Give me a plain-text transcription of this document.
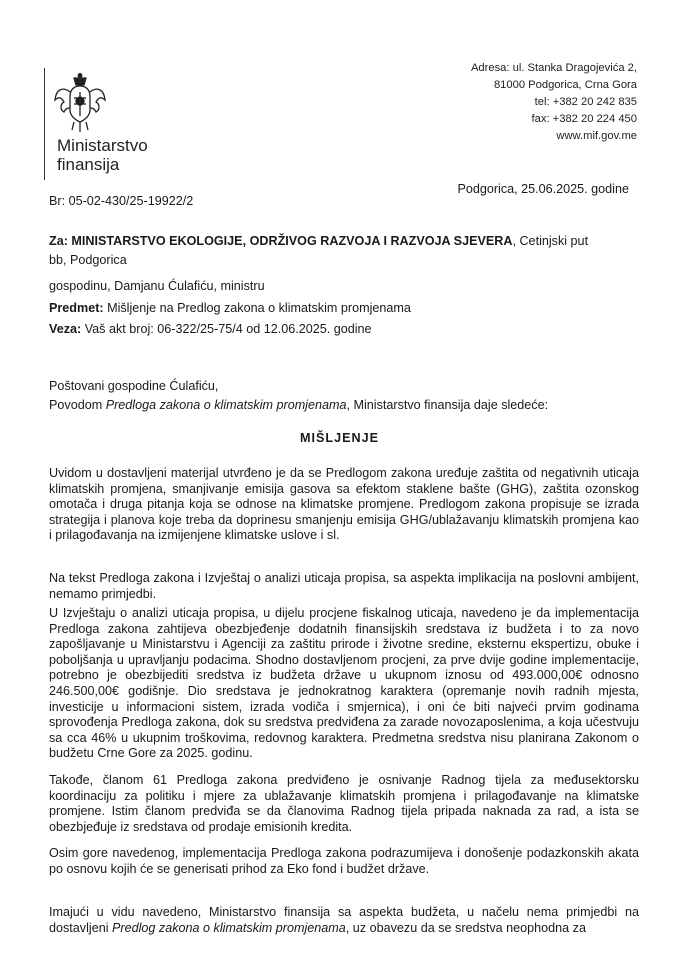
Ministarstvo
finansija
Adresa: ul. Stanka Dragojevića 2,
81000 Podgorica, Crna Gora
tel: +382 20 242 835
fax: +382 20 224 450
www.mif.gov.me
Br: 05-02-430/25-19922/2
Podgorica, 25.06.2025. godine
Za: MINISTARSTVO EKOLOGIJE, ODRŽIVOG RAZVOJA I RAZVOJA SJEVERA, Cetinjski put
bb, Podgorica
gospodinu, Damjanu Ćulafiću, ministru
Predmet: Mišljenje na Predlog zakona o klimatskim promjenama
Veza: Vaš akt broj: 06-322/25-75/4 od 12.06.2025. godine
Poštovani gospodine Ćulafiću,
Povodom Predloga zakona o klimatskim promjenama, Ministarstvo finansija daje sledeće:
MIŠLJENJE

Uvidom u dostavljeni materijal utvrđeno je da se Predlogom zakona uređuje zaštita od negativnih uticaja klimatskih promjena, smanjivanje emisija gasova sa efektom staklene bašte (GHG), zaštita ozonskog omotača i druga pitanja koja se odnose na klimatske promjene. Predlogom zakona propisuje se izrada strategija i planova koje treba da doprinesu smanjenju emisija GHG/ublažavanju klimatskih promjena kao i prilagođavanja na izmijenjene klimatske uslove i sl.

Na tekst Predloga zakona i Izvještaj o analizi uticaja propisa, sa aspekta implikacija na poslovni ambijent, nemamo primjedbi.

U Izvještaju o analizi uticaja propisa, u dijelu procjene fiskalnog uticaja, navedeno je da implementacija Predloga zakona zahtijeva obezbjeđenje dodatnih finansijskih sredstava iz budžeta i to za novo zapošljavanje u Ministarstvu i Agenciji za zaštitu prirode i životne sredine, eksternu ekspertizu, obuke i poboljšanja u upravljanju podacima. Shodno dostavljenom procjeni, za prve dvije godine implementacije, potrebno je obezbijediti sredstva iz budžeta države u ukupnom iznosu od 493.000,00€ odnosno 246.500,00€ godišnje. Dio sredstava je jednokratnog karaktera (opremanje novih radnih mjesta, investicije u informacioni sistem, izrada vodiča i smjernica), i oni će biti najveći prvim godinama sprovođenja Predloga zakona, dok su sredstva predviđena za zarade novozaposlenima, a koja učestvuju sa cca 46% u ukupnim troškovima, redovnog karaktera. Predmetna sredstva nisu planirana Zakonom o budžetu Crne Gore za 2025. godinu.

Takođe, članom 61 Predloga zakona predviđeno je osnivanje Radnog tijela za međusektorsku koordinaciju za politiku i mjere za ublažavanje klimatskih promjena i prilagođavanje na klimatske promjene. Istim članom predviđa se da članovima Radnog tijela pripada naknada za rad, a ista se obezbjeđuje iz sredstava od prodaje emisionih kredita.

Osim gore navedenog, implementacija Predloga zakona podrazumijeva i donošenje podazkonskih akata po osnovu kojih će se generisati prihod za Eko fond i budžet države.

Imajući u vidu navedeno, Ministarstvo finansija sa aspekta budžeta, u načelu nema primjedbi na dostavljeni Predlog zakona o klimatskim promjenama, uz obavezu da se sredstva neophodna za
